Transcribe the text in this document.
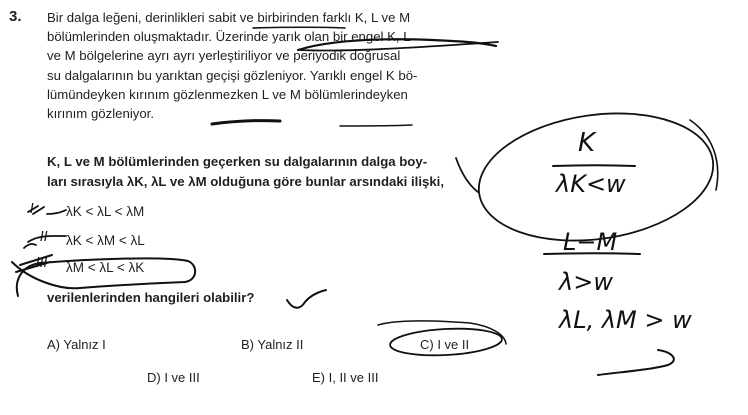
3. Bir dalga leğeni, derinlikleri sabit ve birbirinden farklı K, L ve M
bölümlerinden oluşmaktadır. Üzerinde yarık olan bir engel K, L
ve M bölgelerine ayrı ayrı yerleştiriliyor ve periyodik doğrusal
su dalgalarının bu yarıktan geçişi gözleniyor. Yarıklı engel K bö-
lümündeyken kırınım gözlenmezken L ve M bölümlerindeyken
kırınım gözleniyor.
K, L ve M bölümlerinden geçerken su dalgalarının dalga boy-
ları sırasıyla λK, λL ve λM olduğuna göre bunlar arsındaki ilişki,
λK < λL < λM
λK < λM < λL
λM < λL < λK
verilenlerinden hangileri olabilir?
A) Yalnız I	B) Yalnız II	C) I ve II
D) I ve III	E) I, II ve III
K
λK<w
L−M
λ>w
λL, λM > w
I
II
III
